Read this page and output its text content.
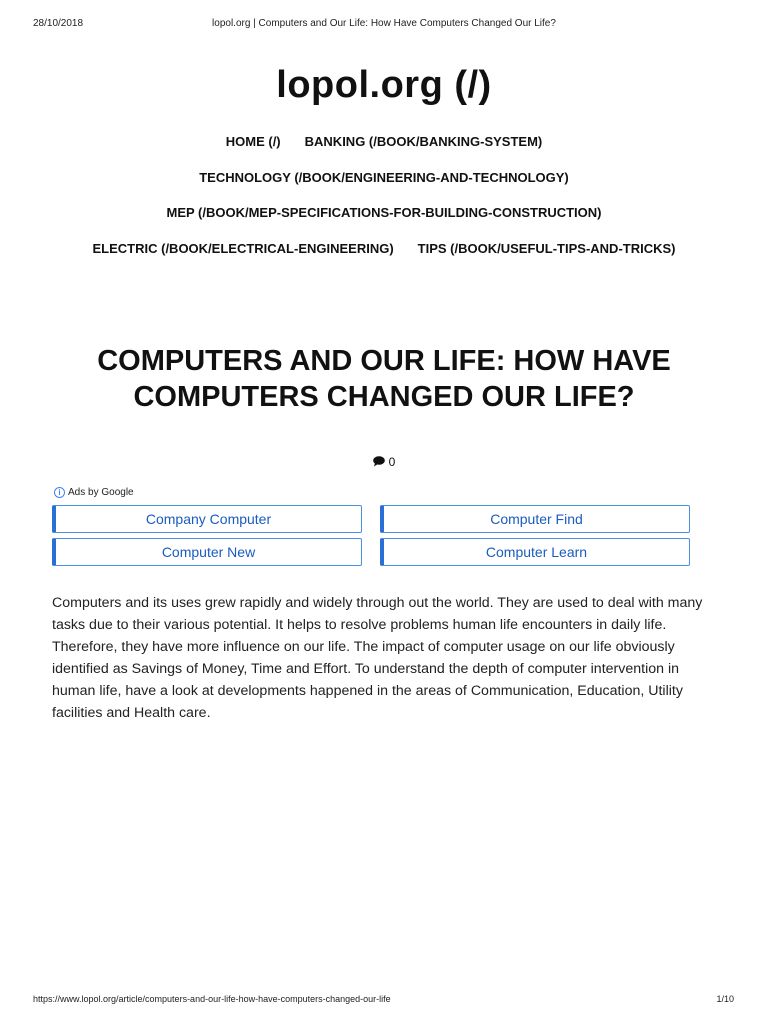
28/10/2018	lopol.org | Computers and Our Life: How Have Computers Changed Our Life?
lopol.org (/)
HOME (/) BANKING (/BOOK/BANKING-SYSTEM)
TECHNOLOGY (/BOOK/ENGINEERING-AND-TECHNOLOGY)
MEP (/BOOK/MEP-SPECIFICATIONS-FOR-BUILDING-CONSTRUCTION)
ELECTRIC (/BOOK/ELECTRICAL-ENGINEERING) TIPS (/BOOK/USEFUL-TIPS-AND-TRICKS)
COMPUTERS AND OUR LIFE: HOW HAVE COMPUTERS CHANGED OUR LIFE?
0
i Ads by Google
Company Computer	Computer Find
Computer New	Computer Learn

Computers and its uses grew rapidly and widely through out the world. They are used to deal with many tasks due to their various potential. It helps to resolve problems human life encounters in daily life. Therefore, they have more influence on our life. The impact of computer usage on our life obviously identified as Savings of Money, Time and Effort. To understand the depth of computer intervention in human life, have a look at developments happened in the areas of Communication, Education, Utility facilities and Health care.

https://www.lopol.org/article/computers-and-our-life-how-have-computers-changed-our-life	1/10
